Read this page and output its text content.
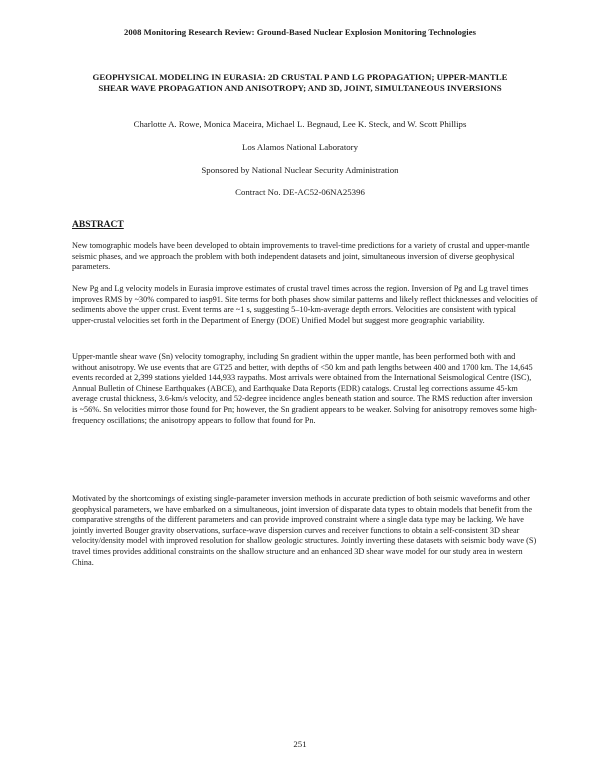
2008 Monitoring Research Review: Ground-Based Nuclear Explosion Monitoring Technologies
GEOPHYSICAL MODELING IN EURASIA: 2D CRUSTAL P AND LG PROPAGATION; UPPER-MANTLE SHEAR WAVE PROPAGATION AND ANISOTROPY; AND 3D, JOINT, SIMULTANEOUS INVERSIONS
Charlotte A. Rowe, Monica Maceira, Michael L. Begnaud, Lee K. Steck, and W. Scott Phillips
Los Alamos National Laboratory
Sponsored by National Nuclear Security Administration
Contract No. DE-AC52-06NA25396
ABSTRACT

New tomographic models have been developed to obtain improvements to travel-time predictions for a variety of crustal and upper-mantle seismic phases, and we approach the problem with both independent datasets and joint, simultaneous inversion of diverse geophysical parameters.

New Pg and Lg velocity models in Eurasia improve estimates of crustal travel times across the region. Inversion of Pg and Lg travel times improves RMS by ~30% compared to iasp91. Site terms for both phases show similar patterns and likely reflect thicknesses and velocities of sediments above the upper crust. Event terms are ~1 s, suggesting 5–10-km-average depth errors. Velocities are consistent with typical upper-crustal velocities set forth in the Department of Energy (DOE) Unified Model but suggest more geographic variability.

Upper-mantle shear wave (Sn) velocity tomography, including Sn gradient within the upper mantle, has been performed both with and without anisotropy. We use events that are GT25 and better, with depths of <50 km and path lengths between 400 and 1700 km. The 14,645 events recorded at 2,399 stations yielded 144,933 raypaths. Most arrivals were obtained from the International Seismological Centre (ISC), Annual Bulletin of Chinese Earthquakes (ABCE), and Earthquake Data Reports (EDR) catalogs. Crustal leg corrections assume 45-km average crustal thickness, 3.6-km/s velocity, and 52-degree incidence angles beneath station and source. The RMS reduction after inversion is ~56%. Sn velocities mirror those found for Pn; however, the Sn gradient appears to be weaker. Solving for anisotropy removes some high-frequency oscillations; the anisotropy appears to follow that found for Pn.

Motivated by the shortcomings of existing single-parameter inversion methods in accurate prediction of both seismic waveforms and other geophysical parameters, we have embarked on a simultaneous, joint inversion of disparate data types to obtain models that benefit from the comparative strengths of the different parameters and can provide improved constraint where a single data type may be lacking. We have jointly inverted Bouger gravity observations, surface-wave dispersion curves and receiver functions to obtain a self-consistent 3D shear velocity/density model with improved resolution for shallow geologic structures. Jointly inverting these datasets with seismic body wave (S) travel times provides additional constraints on the shallow structure and an enhanced 3D shear wave model for our study area in western China.

251
